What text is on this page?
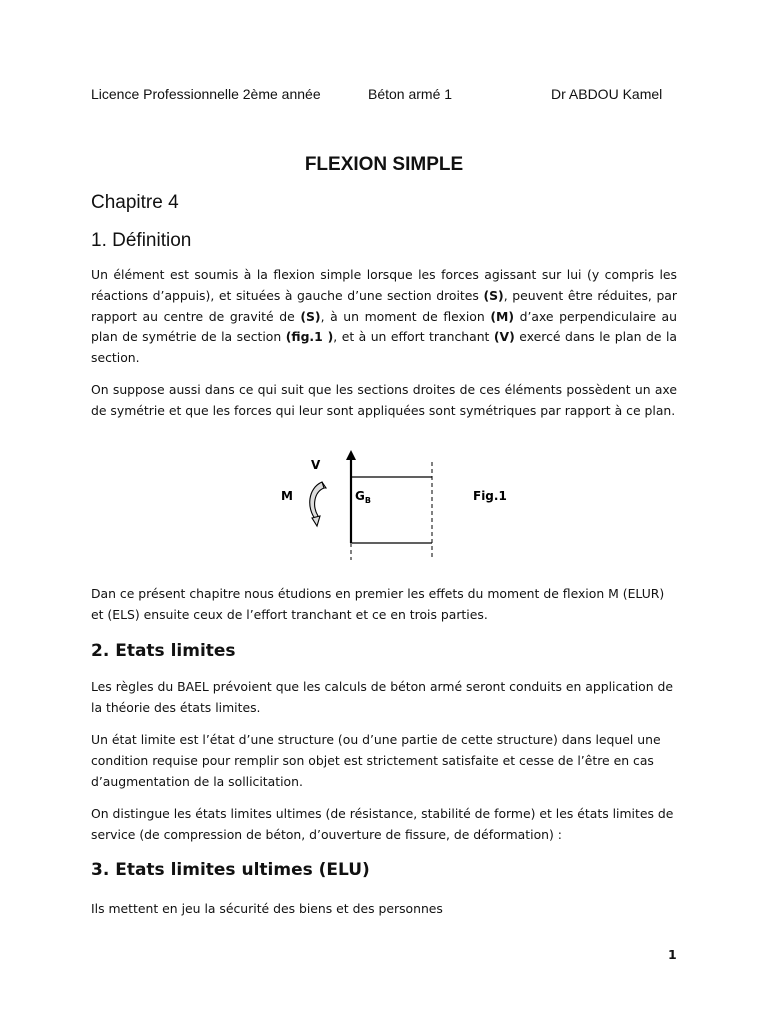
Licence Professionnelle 2ème année	Béton armé 1	Dr ABDOU Kamel
FLEXION SIMPLE
Chapitre 4
1. Définition

Un élément est soumis à la flexion simple lorsque les forces agissant sur lui (y compris les réactions d’appuis), et situées à gauche d’une section droites (S), peuvent être réduites, par rapport au centre de gravité de (S), à un moment de flexion (M) d’axe perpendiculaire au plan de symétrie de la section (fig.1 ), et à un effort tranchant (V) exercé dans le plan de la section.

On suppose aussi dans ce qui suit que les sections droites de ces éléments possèdent un axe de symétrie et que les forces qui leur sont appliquées sont symétriques par rapport à ce plan.

V
M	$G_B$	Fig.1

Dan ce présent chapitre nous étudions en premier les effets du moment de flexion M (ELUR) et (ELS) ensuite ceux de l’effort tranchant et ce en trois parties.

2. Etats limites

Les règles du BAEL prévoient que les calculs de béton armé seront conduits en application de la théorie des états limites.

Un état limite est l’état d’une structure (ou d’une partie de cette structure) dans lequel une condition requise pour remplir son objet est strictement satisfaite et cesse de l’être en cas d’augmentation de la sollicitation.

On distingue les états limites ultimes (de résistance, stabilité de forme) et les états limites de service (de compression de béton, d’ouverture de fissure, de déformation) :

3. Etats limites ultimes (ELU)

Ils mettent en jeu la sécurité des biens et des personnes

1
